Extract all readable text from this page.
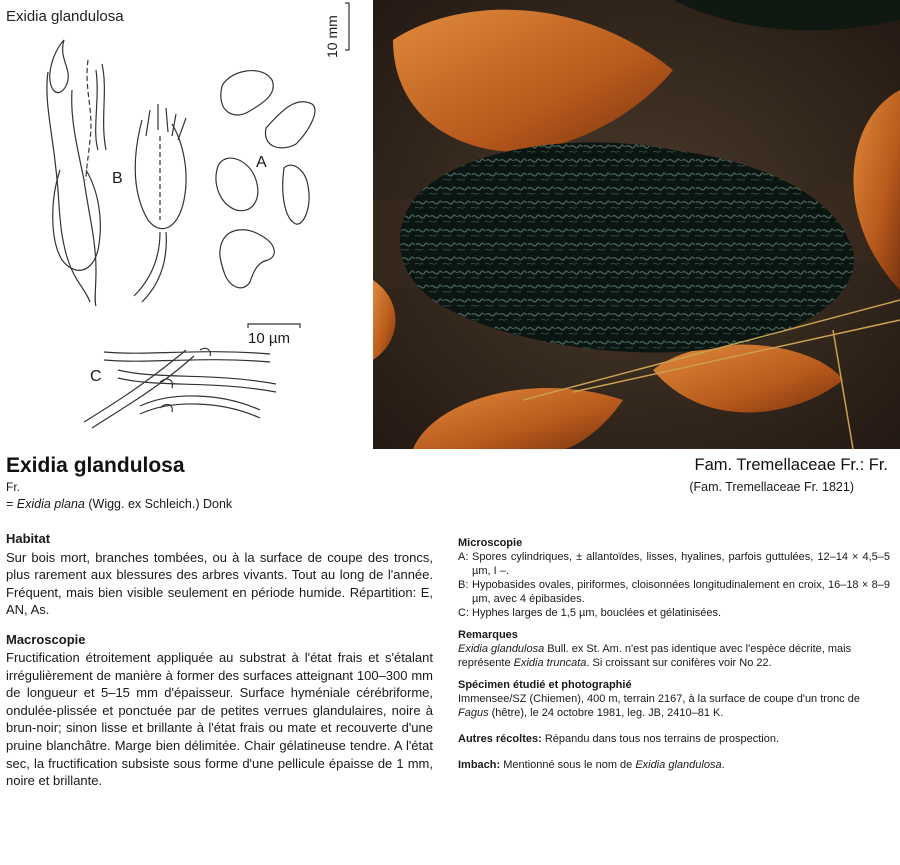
Exidia glandulosa	10 mm
10 µm
A
B
C
Exidia glandulosa
Fr.
= Exidia plana (Wigg. ex Schleich.) Donk
Fam. Tremellaceae Fr.: Fr.
(Fam. Tremellaceae Fr. 1821)
Habitat

Sur bois mort, branches tombées, ou à la surface de coupe des troncs, plus rarement aux blessures des arbres vivants. Tout au long de l'année. Fréquent, mais bien visible seulement en période humide. Répartition: E, AN, As.

Macroscopie

Fructification étroitement appliquée au substrat à l'état frais et s'étalant irrégulièrement de manière à former des surfaces atteignant 100–300 mm de longueur et 5–15 mm d'épaisseur. Surface hyméniale cérébriforme, ondulée-plissée et ponctuée par de petites verrues glandulaires, noire à brun-noir; sinon lisse et brillante à l'état frais ou mate et recouverte d'une pruine blanchâtre. Marge bien délimitée. Chair gélatineuse tendre. A l'état sec, la fructification subsiste sous forme d'une pellicule épaisse de 1 mm, noire et brillante.

Microscopie
A: Spores cylindriques, ± allantoïdes, lisses, hyalines, parfois guttulées, 12–14 × 4,5–5 µm, I –.
B: Hypobasides ovales, piriformes, cloisonnées longitudinalement en croix, 16–18 × 8–9 µm, avec 4 épibasides.
C: Hyphes larges de 1,5 µm, bouclées et gélatinisées.
Remarques

Exidia glandulosa Bull. ex St. Am. n'est pas identique avec l'espèce décrite, mais représente Exidia truncata. Si croissant sur conifères voir No 22.

Spécimen étudié et photographié

Immensee/SZ (Chiemen), 400 m, terrain 2167, à la surface de coupe d'un tronc de Fagus (hêtre), le 24 octobre 1981, leg. JB, 2410–81 K.

Autres récoltes: Répandu dans tous nos terrains de prospection.

Imbach: Mentionné sous le nom de Exidia glandulosa.
